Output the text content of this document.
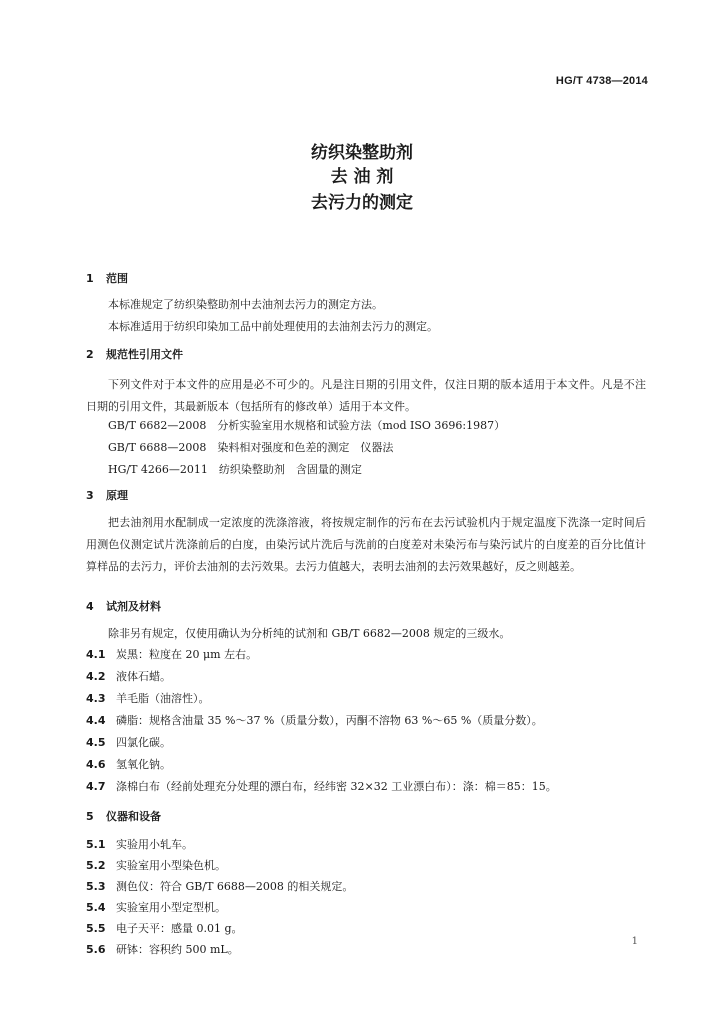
HG/T 4738—2014
纺织染整助剂
去 油 剂
去污力的测定
1 范围
本标准规定了纺织染整助剂中去油剂去污力的测定方法。
本标准适用于纺织印染加工品中前处理使用的去油剂去污力的测定。
2 规范性引用文件
下列文件对于本文件的应用是必不可少的。凡是注日期的引用文件，仅注日期的版本适用于本文件。凡是不注日期的引用文件，其最新版本（包括所有的修改单）适用于本文件。
GB/T 6682—2008　分析实验室用水规格和试验方法（mod ISO 3696:1987）
GB/T 6688—2008　染料相对强度和色差的测定　仪器法
HG/T 4266—2011　纺织染整助剂　含固量的测定
3 原理
把去油剂用水配制成一定浓度的洗涤溶液，将按规定制作的污布在去污试验机内于规定温度下洗涤一定时间后用测色仪测定试片洗涤前后的白度，由染污试片洗后与洗前的白度差对未染污布与染污试片的白度差的百分比值计算样品的去污力，评价去油剂的去污效果。去污力值越大，表明去油剂的去污效果越好，反之则越差。
4 试剂及材料
除非另有规定，仅使用确认为分析纯的试剂和 GB/T 6682—2008 规定的三级水。
4.1 炭黑：粒度在 20 μm 左右。
4.2 液体石蜡。
4.3 羊毛脂（油溶性）。
4.4 磷脂：规格含油量 35 %～37 %（质量分数），丙酮不溶物 63 %～65 %（质量分数）。
4.5 四氯化碳。
4.6 氢氧化钠。
4.7 涤棉白布（经前处理充分处理的漂白布，经纬密 32×32 工业漂白布）：涤：棉＝85：15。
5 仪器和设备
5.1 实验用小轧车。
5.2 实验室用小型染色机。
5.3 测色仪：符合 GB/T 6688—2008 的相关规定。
5.4 实验室用小型定型机。
5.5 电子天平：感量 0.01 g。
5.6 研钵：容积约 500 mL。
1
